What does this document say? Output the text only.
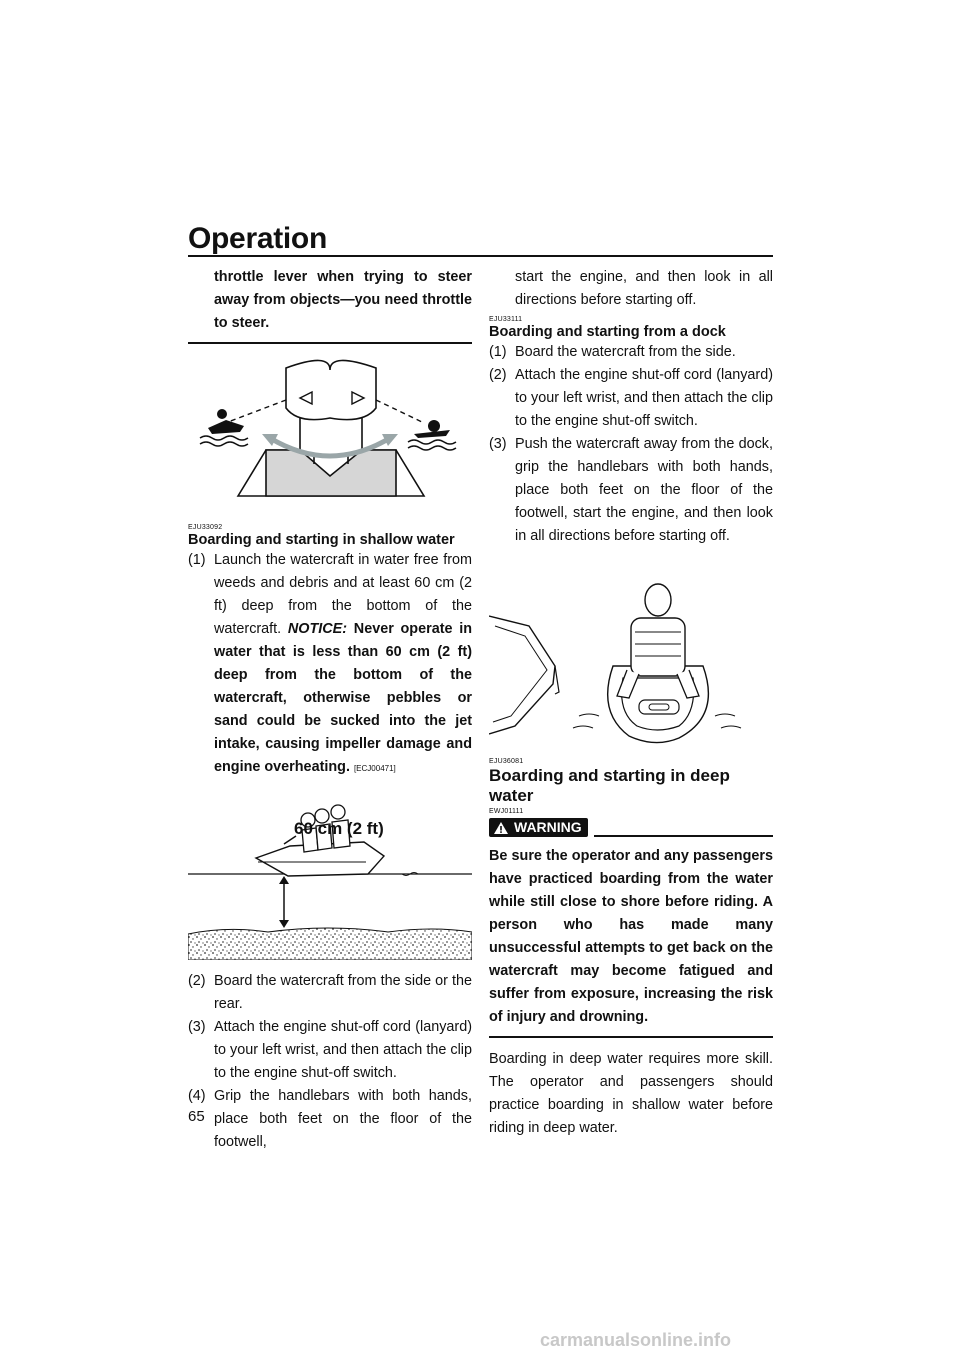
Operation
throttle lever when trying to steer away from objects—you need throttle to steer.
EJU33092
Boarding and starting in shallow water
(1) Launch the watercraft in water free from weeds and debris and at least 60 cm (2 ft) deep from the bottom of the watercraft. NOTICE: Never operate in water that is less than 60 cm (2 ft) deep from the bottom of the watercraft, otherwise pebbles or sand could be sucked into the jet intake, causing impeller damage and engine overheating. [ECJ00471]
60 cm (2 ft)
(2) Board the watercraft from the side or the rear.
(3) Attach the engine shut-off cord (lanyard) to your left wrist, and then attach the clip to the engine shut-off switch.
(4) Grip the handlebars with both hands, place both feet on the floor of the footwell,
start the engine, and then look in all directions before starting off.
EJU33111
Boarding and starting from a dock
(1) Board the watercraft from the side.
(2) Attach the engine shut-off cord (lanyard) to your left wrist, and then attach the clip to the engine shut-off switch.
(3) Push the watercraft away from the dock, grip the handlebars with both hands, place both feet on the floor of the footwell, start the engine, and then look in all directions before starting off.
EJU36081
Boarding and starting in deep water
EWJ01111
WARNING
Be sure the operator and any passengers have practiced boarding from the water while still close to shore before riding. A person who has made many unsuccessful attempts to get back on the watercraft may become fatigued and suffer from exposure, increasing the risk of injury and drowning.
Boarding in deep water requires more skill. The operator and passengers should practice boarding in shallow water before riding in deep water.
65
carmanualsonline.info
